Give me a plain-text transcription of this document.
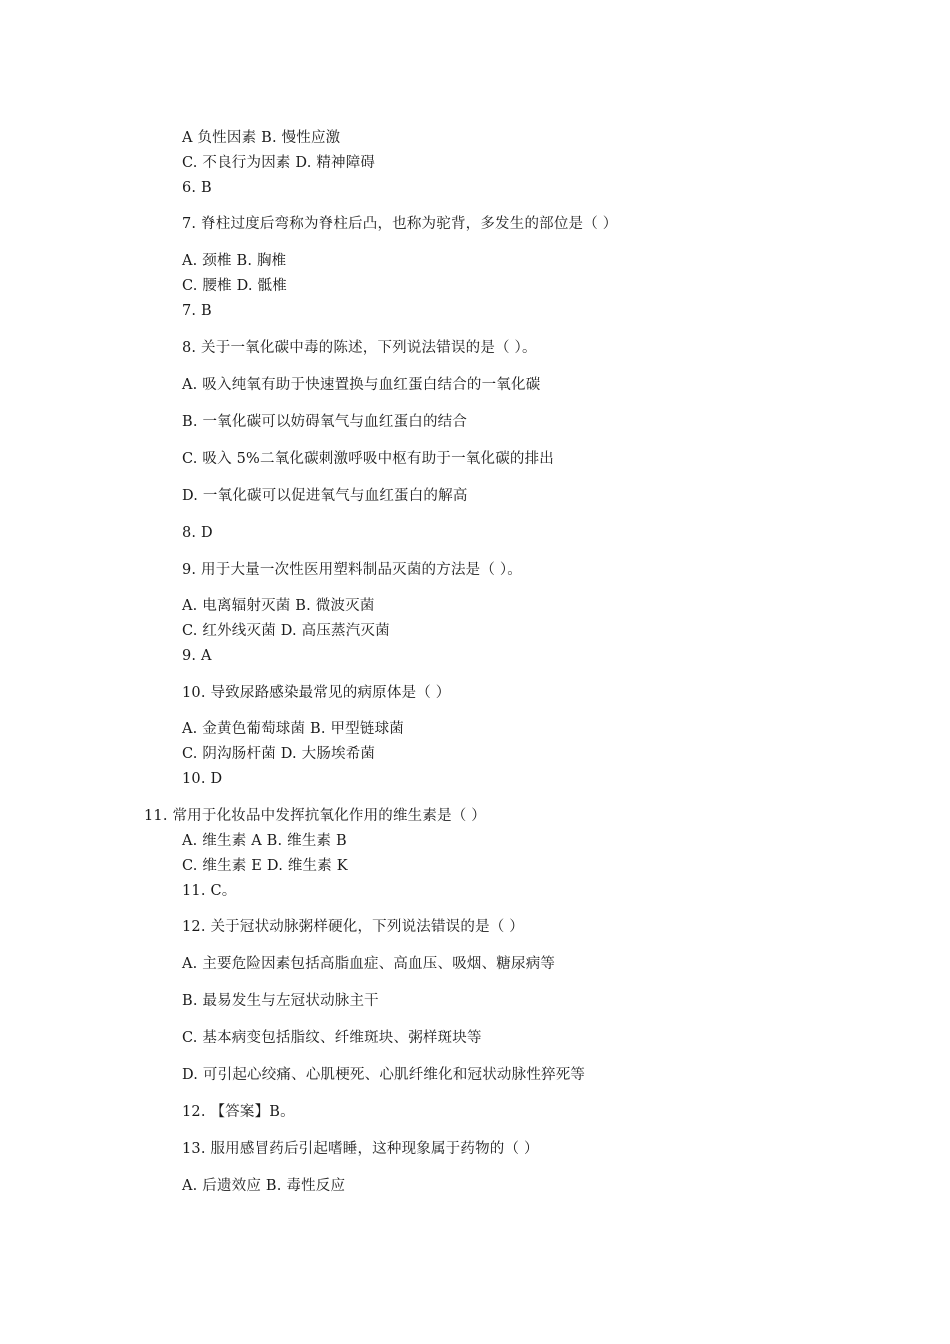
A 负性因素 B. 慢性应激
C. 不良行为因素 D. 精神障碍
6. B
7. 脊柱过度后弯称为脊柱后凸，也称为驼背，多发生的部位是（ ）
A. 颈椎 B. 胸椎
C. 腰椎 D. 骶椎
7. B
8. 关于一氧化碳中毒的陈述，下列说法错误的是（ ）。
A. 吸入纯氧有助于快速置换与血红蛋白结合的一氧化碳
B. 一氧化碳可以妨碍氧气与血红蛋白的结合
C. 吸入 5%二氧化碳刺激呼吸中枢有助于一氧化碳的排出
D. 一氧化碳可以促进氧气与血红蛋白的解高
8. D
9. 用于大量一次性医用塑料制品灭菌的方法是（ ）。
A. 电离辐射灭菌 B. 微波灭菌
C. 红外线灭菌 D. 高压蒸汽灭菌
9. A
10. 导致尿路感染最常见的病原体是（ ）
A. 金黄色葡萄球菌 B. 甲型链球菌
C. 阴沟肠杆菌 D. 大肠埃希菌
10. D
11. 常用于化妆品中发挥抗氧化作用的维生素是（ ）
A. 维生素 A B. 维生素 B
C. 维生素 E D. 维生素 K
11. C。
12. 关于冠状动脉粥样硬化，下列说法错误的是（ ）
A. 主要危险因素包括高脂血症、高血压、吸烟、糖尿病等
B. 最易发生与左冠状动脉主干
C. 基本病变包括脂纹、纤维斑块、粥样斑块等
D. 可引起心绞痛、心肌梗死、心肌纤维化和冠状动脉性猝死等
12. 【答案】B。
13. 服用感冒药后引起嗜睡，这种现象属于药物的（ ）
A. 后遗效应 B. 毒性反应
